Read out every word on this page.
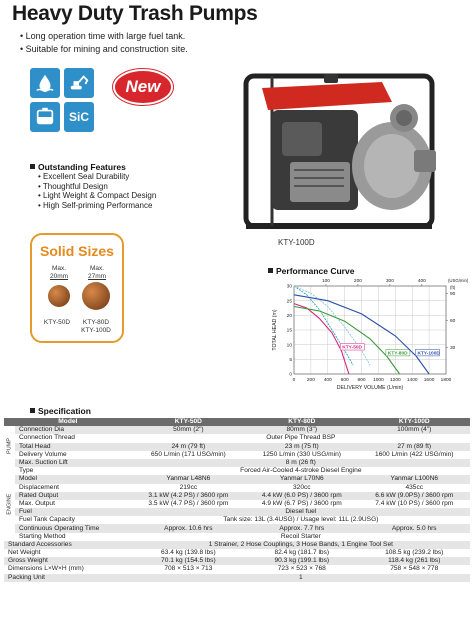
Heavy Duty Trash Pumps
• Long operation time with large fuel tank.
• Suitable for mining and construction site.
SiC
New
KTY-100D
Outstanding Features
• Excellent Seal Durability
• Thoughtful Design
• Light Weight & Compact Design
• High Self-priming Performance
Solid Sizes
Max.
20mm
Max.
27mm
KTY-50D	KTY-80D
KTY-100D
Performance Curve
0 200 400 600 800 1000 1200 1400 1600 1800
0
5
10
15
20
25
30
100	200	300	400	(USG/min)
30
60
90
(ft)
DELIVERY VOLUME (L/min)
TOTAL HEAD (m)	KTY-50D
KTY-80D KTY-100D
Specification
Model		KTY-50D	KTY-80D	KTY-100D
PUMP	Connection Dia	50mm (2")	80mm (3")	100mm (4")
	Connection Thread	Outer Pipe Thread BSP		
	Total Head	24 m (79 ft)	23 m (75 ft)	27 m (89 ft)
	Delivery Volume	650 L/min (171 USG/min)	1250 L/min (330 USG/min)	1600 L/min (422 USG/min)
	Max. Suction Lift	8 m (26 ft)		
ENGINE	Type	Forced Air-Cooled 4-stroke Diesel Engine		
	Model	Yanmar L48N6	Yanmar L70N6	Yanmar L100N6
	Displacement	219cc	320cc	435cc
	Rated Output	3.1 kW (4.2 PS) / 3600 rpm	4.4 kW (6.0 PS) / 3600 rpm	6.6 kW (9.0PS) / 3600 rpm
	Max. Output	3.5 kW (4.7 PS) / 3600 rpm	4.9 kW (6.7 PS) / 3600 rpm	7.4 kW (10 PS) / 3600 rpm
	Fuel	Diesel fuel		
	Fuel Tank Capacity	Tank size: 13L (3.4USG) / Usage level: 11L (2.9USG)		
	Continuous Operating Time	Approx. 10.6 hrs	Approx. 7.7 hrs	Approx. 5.0 hrs
	Starting Method	Recoil Starter		
Standard Accessories		1 Strainer, 2 Hose Couplings, 3 Hose Bands, 1 Engine Tool Set		
Net Weight		63.4 kg (139.8 lbs)	82.4 kg (181.7 lbs)	108.5 kg (239.2 lbs)
Gross Weight		70.1 kg (154.5 lbs)	90.3 kg (199.1 lbs)	118.4 kg (261 lbs)
Dimensions L×W×H (mm)		708 × 513 × 713	723 × 523 × 768	758 × 548 × 778
Packing Unit		1		
